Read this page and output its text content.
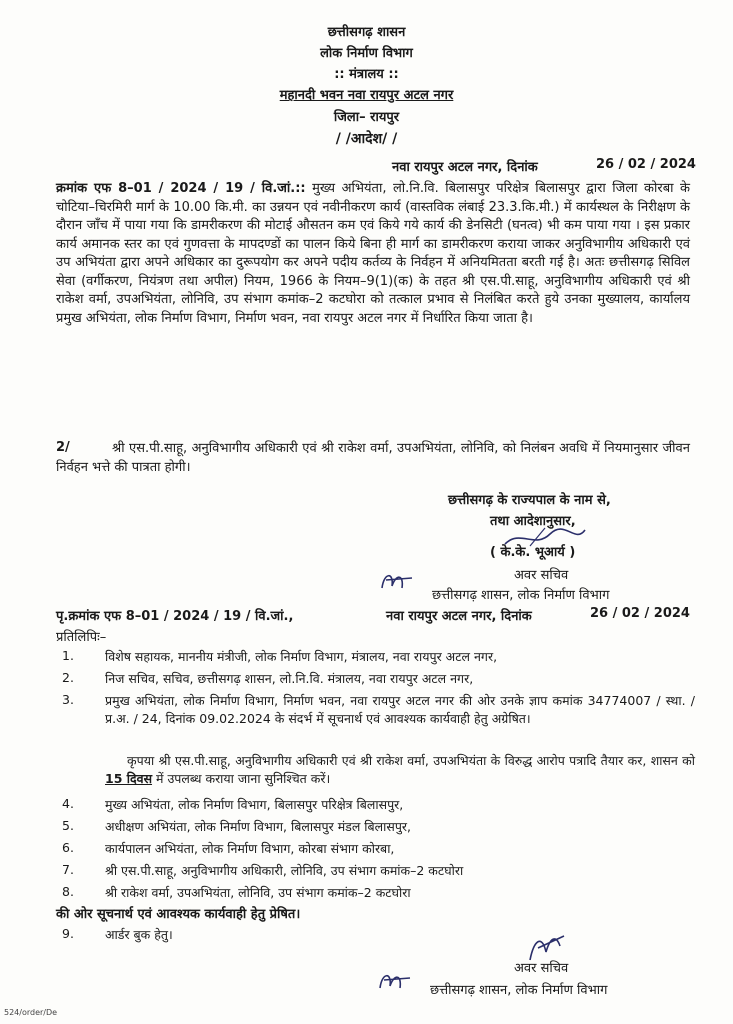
छत्तीसगढ़ शासन
लोक निर्माण विभाग
:: मंत्रालय ::
महानदी भवन नवा रायपुर अटल नगर
जिला– रायपुर
/ /आदेश/ /
नवा रायपुर अटल नगर, दिनांक	26 / 02 / 2024
क्रमांक एफ 8–01 / 2024 / 19 / वि.जां.:: मुख्य अभियंता, लो.नि.वि. बिलासपुर परिक्षेत्र बिलासपुर द्वारा जिला कोरबा के चोटिया–चिरमिरी मार्ग के 10.00 कि.मी. का उन्नयन एवं नवीनीकरण कार्य (वास्तविक लंबाई 23.3.कि.मी.) में कार्यस्थल के निरीक्षण के दौरान जॉंच में पाया गया कि डामरीकरण की मोटाई औसतन कम एवं किये गये कार्य की डेनसिटी (घनत्व) भी कम पाया गया । इस प्रकार कार्य अमानक स्तर का एवं गुणवत्ता के मापदण्डों का पालन किये बिना ही मार्ग का डामरीकरण कराया जाकर अनुविभागीय अधिकारी एवं उप अभियंता द्वारा अपने अधिकार का दुरूपयोग कर अपने पदीय कर्तव्य के निर्वहन में अनियमितता बरती गई है। अतः छत्तीसगढ़ सिविल सेवा (वर्गीकरण, नियंत्रण तथा अपील) नियम, 1966 के नियम–9(1)(क) के तहत श्री एस.पी.साहू, अनुविभागीय अधिकारी एवं श्री राकेश वर्मा, उपअभियंता, लोनिवि, उप संभाग कमांक–2 कटघोरा को तत्काल प्रभाव से निलंबित करते हुये उनका मुख्यालय, कार्यालय प्रमुख अभियंता, लोक निर्माण विभाग, निर्माण भवन, नवा रायपुर अटल नगर में निर्धारित किया जाता है।
2/	श्री एस.पी.साहू, अनुविभागीय अधिकारी एवं श्री राकेश वर्मा, उपअभियंता, लोनिवि, को निलंबन अवधि में नियमानुसार जीवन निर्वहन भत्ते की पात्रता होगी।
छत्तीसगढ़ के राज्यपाल के नाम से,
तथा आदेशानुसार,
( के.के. भूआर्य )
अवर सचिव
छत्तीसगढ़ शासन, लोक निर्माण विभाग
पृ.क्रमांक एफ 8–01 / 2024 / 19 / वि.जां.,	नवा रायपुर अटल नगर, दिनांक	26 / 02 / 2024
प्रतिलिपिः–
1. विशेष सहायक, माननीय मंत्रीजी, लोक निर्माण विभाग, मंत्रालय, नवा रायपुर अटल नगर,
2. निज सचिव, सचिव, छत्तीसगढ़ शासन, लो.नि.वि. मंत्रालय, नवा रायपुर अटल नगर,
3. प्रमुख अभियंता, लोक निर्माण विभाग, निर्माण भवन, नवा रायपुर अटल नगर की ओर उनके ज्ञाप कमांक 34774007 / स्था. / प्र.अ. / 24, दिनांक 09.02.2024 के संदर्भ में सूचनार्थ एवं आवश्यक कार्यवाही हेतु अग्रेषित।
कृपया श्री एस.पी.साहू, अनुविभागीय अधिकारी एवं श्री राकेश वर्मा, उपअभियंता के विरुद्ध आरोप पत्रादि तैयार कर, शासन को 15 दिवस में उपलब्ध कराया जाना सुनिश्चित करें।
4. मुख्य अभियंता, लोक निर्माण विभाग, बिलासपुर परिक्षेत्र बिलासपुर,
5. अधीक्षण अभियंता, लोक निर्माण विभाग, बिलासपुर मंडल बिलासपुर,
6. कार्यपालन अभियंता, लोक निर्माण विभाग, कोरबा संभाग कोरबा,
7. श्री एस.पी.साहू, अनुविभागीय अधिकारी, लोनिवि, उप संभाग कमांक–2 कटघोरा
8. श्री राकेश वर्मा, उपअभियंता, लोनिवि, उप संभाग कमांक–2 कटघोरा
की ओर सूचनार्थ एवं आवश्यक कार्यवाही हेतु प्रेषित।
9. आर्डर बुक हेतु।
अवर सचिव
छत्तीसगढ़ शासन, लोक निर्माण विभाग
524/order/De
